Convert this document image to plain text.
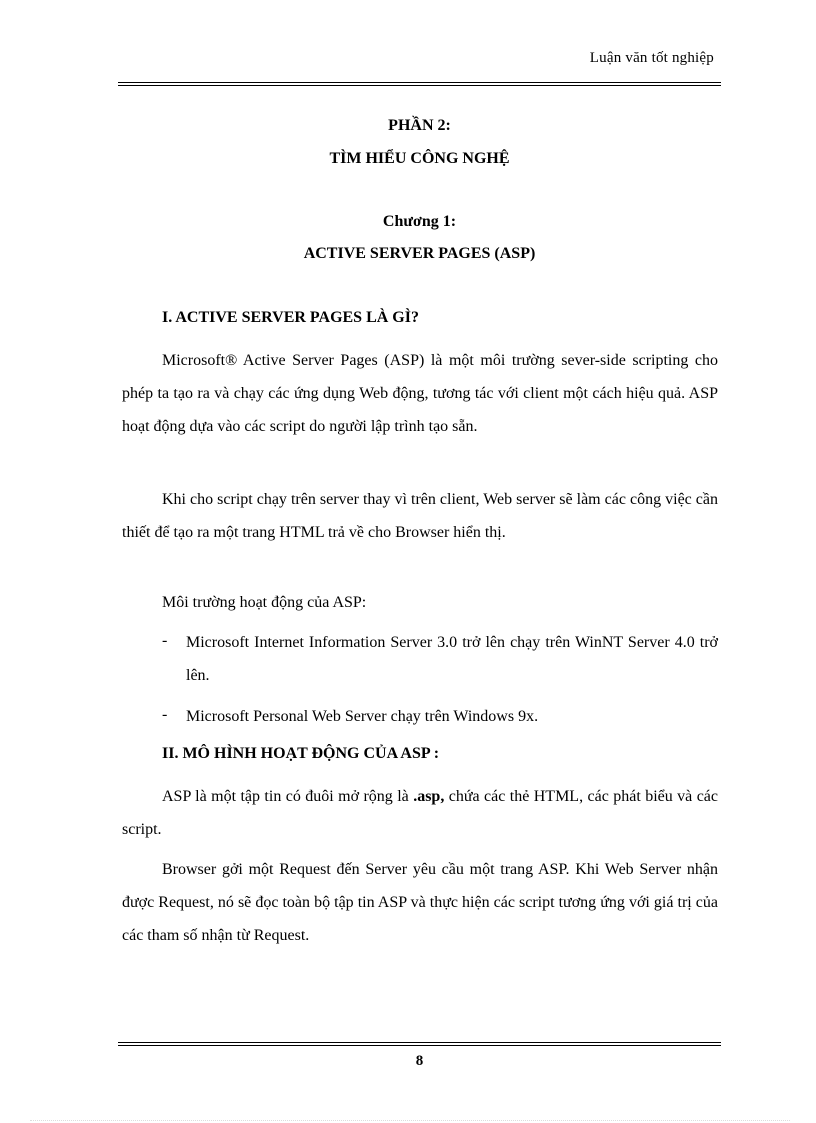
Luận văn tốt nghiệp
PHẦN 2:
TÌM HIỂU CÔNG NGHỆ
Chương 1:
ACTIVE SERVER PAGES (ASP)
I. ACTIVE SERVER PAGES LÀ GÌ?
Microsoft® Active Server Pages (ASP) là một môi trường sever-side scripting cho phép ta tạo ra và chạy các ứng dụng Web động, tương tác với client một cách hiệu quả. ASP hoạt động dựa vào các script do người lập trình tạo sẵn.
Khi cho script chạy trên server thay vì trên client, Web server sẽ làm các công việc cần thiết để tạo ra một trang HTML trả về cho Browser hiển thị.
Môi trường hoạt động của ASP:
- Microsoft Internet Information Server 3.0 trở lên chạy trên WinNT Server 4.0 trở lên.
- Microsoft Personal Web Server chạy trên Windows 9x.
II. MÔ HÌNH HOẠT ĐỘNG CỦA ASP :
ASP là một tập tin có đuôi mở rộng là .asp, chứa các thẻ HTML, các phát biểu và các script.
Browser gởi một Request đến Server yêu cầu một trang ASP. Khi Web Server nhận được Request, nó sẽ đọc toàn bộ tập tin ASP và thực hiện các script tương ứng với giá trị của các tham số nhận từ Request.
8
